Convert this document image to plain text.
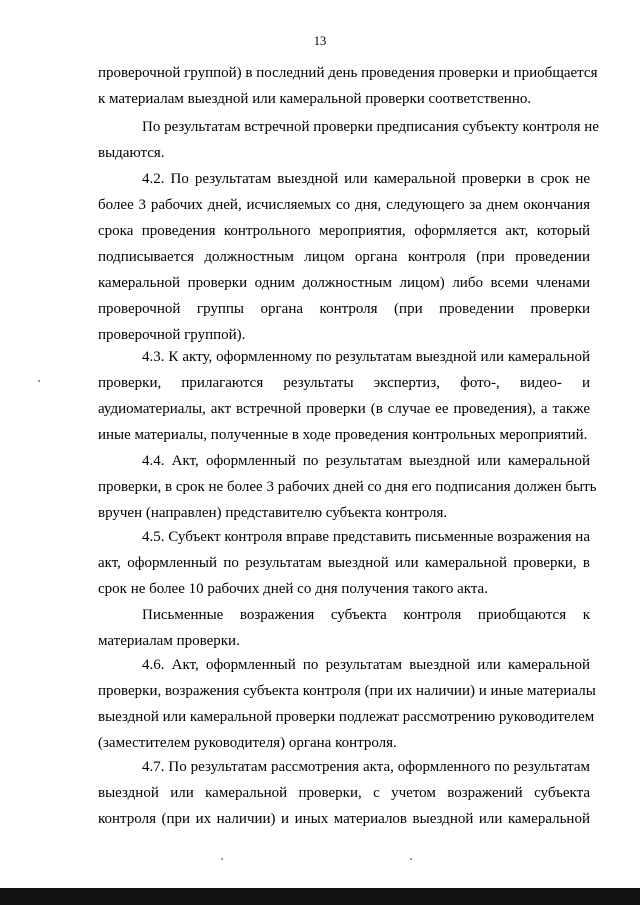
13
проверочной группой) в последний день проведения проверки и приобщается
к материалам выездной или камеральной проверки соответственно.
По результатам встречной проверки предписания субъекту контроля не
выдаются.
4.2. По результатам выездной или камеральной проверки в срок не
более 3 рабочих дней, исчисляемых со дня, следующего за днем окончания
срока проведения контрольного мероприятия, оформляется акт, который
подписывается должностным лицом органа контроля (при проведении
камеральной проверки одним должностным лицом) либо всеми членами
проверочной группы органа контроля (при проведении проверки
проверочной группой).
4.3. К акту, оформленному по результатам выездной или камеральной
проверки, прилагаются результаты экспертиз, фото-, видео- и
аудиоматериалы, акт встречной проверки (в случае ее проведения), а также
иные материалы, полученные в ходе проведения контрольных мероприятий.
4.4. Акт, оформленный по результатам выездной или камеральной
проверки, в срок не более 3 рабочих дней со дня его подписания должен быть
вручен (направлен) представителю субъекта контроля.
4.5. Субъект контроля вправе представить письменные возражения на
акт, оформленный по результатам выездной или камеральной проверки, в
срок не более 10 рабочих дней со дня получения такого акта.
Письменные возражения субъекта контроля приобщаются к
материалам проверки.
4.6. Акт, оформленный по результатам выездной или камеральной
проверки, возражения субъекта контроля (при их наличии) и иные материалы
выездной или камеральной проверки подлежат рассмотрению руководителем
(заместителем руководителя) органа контроля.
4.7. По результатам рассмотрения акта, оформленного по результатам
выездной или камеральной проверки, с учетом возражений субъекта
контроля (при их наличии) и иных материалов выездной или камеральной
